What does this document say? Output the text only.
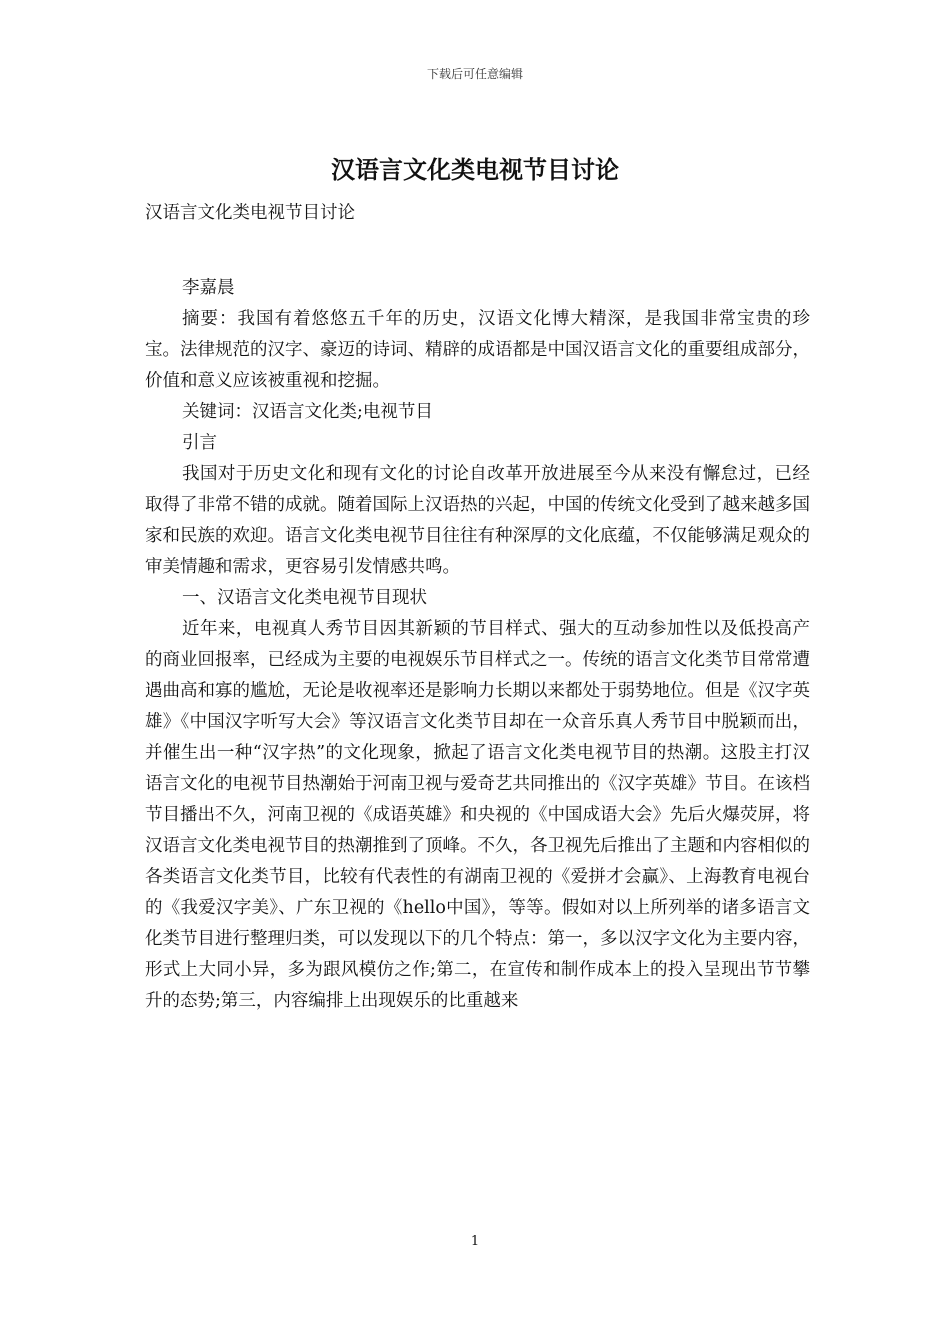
下载后可任意编辑
汉语言文化类电视节目讨论

汉语言文化类电视节目讨论

李嘉晨

摘要：我国有着悠悠五千年的历史，汉语文化博大精深，是我国非常宝贵的珍宝。法律规范的汉字、豪迈的诗词、精辟的成语都是中国汉语言文化的重要组成部分，价值和意义应该被重视和挖掘。

关键词：汉语言文化类;电视节目

引言

我国对于历史文化和现有文化的讨论自改革开放进展至今从来没有懈怠过，已经取得了非常不错的成就。随着国际上汉语热的兴起，中国的传统文化受到了越来越多国家和民族的欢迎。语言文化类电视节目往往有种深厚的文化底蕴，不仅能够满足观众的审美情趣和需求，更容易引发情感共鸣。

一、汉语言文化类电视节目现状

近年来，电视真人秀节目因其新颖的节目样式、强大的互动参加性以及低投高产的商业回报率，已经成为主要的电视娱乐节目样式之一。传统的语言文化类节目常常遭遇曲高和寡的尴尬，无论是收视率还是影响力长期以来都处于弱势地位。但是《汉字英雄》《中国汉字听写大会》等汉语言文化类节目却在一众音乐真人秀节目中脱颖而出，并催生出一种“汉字热”的文化现象，掀起了语言文化类电视节目的热潮。这股主打汉语言文化的电视节目热潮始于河南卫视与爱奇艺共同推出的《汉字英雄》节目。在该档节目播出不久，河南卫视的《成语英雄》和央视的《中国成语大会》先后火爆荧屏，将汉语言文化类电视节目的热潮推到了顶峰。不久，各卫视先后推出了主题和内容相似的各类语言文化类节目，比较有代表性的有湖南卫视的《爱拼才会赢》、上海教育电视台的《我爱汉字美》、广东卫视的《hello中国》，等等。假如对以上所列举的诸多语言文化类节目进行整理归类，可以发现以下的几个特点：第一，多以汉字文化为主要内容，形式上大同小异，多为跟风模仿之作;第二，在宣传和制作成本上的投入呈现出节节攀升的态势;第三，内容编排上出现娱乐的比重越来

1
